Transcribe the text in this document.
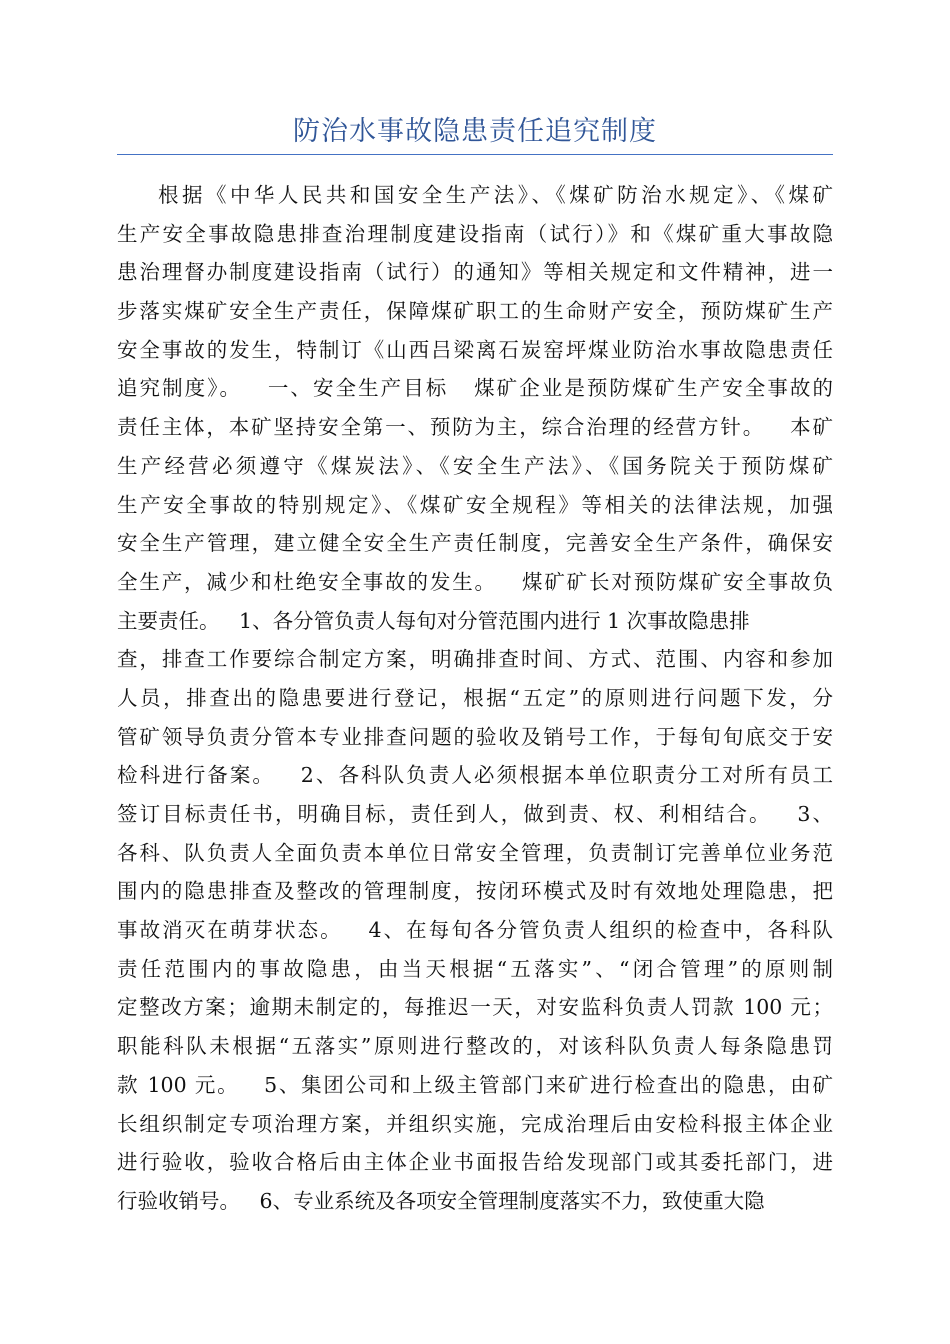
防治水事故隐患责任追究制度
根据《中华人民共和国安全生产法》、《煤矿防治水规定》、《煤矿
生产安全事故隐患排查治理制度建设指南（试行）》和《煤矿重大事故隐
患治理督办制度建设指南（试行）的通知》等相关规定和文件精神，进一
步落实煤矿安全生产责任，保障煤矿职工的生命财产安全，预防煤矿生产
安全事故的发生，特制订《山西吕梁离石炭窑坪煤业防治水事故隐患责任
追究制度》。   一、安全生产目标   煤矿企业是预防煤矿生产安全事故的
责任主体，本矿坚持安全第一、预防为主，综合治理的经营方针。   本矿
生产经营必须遵守《煤炭法》、《安全生产法》、《国务院关于预防煤矿
生产安全事故的特别规定》、《煤矿安全规程》等相关的法律法规，加强
安全生产管理，建立健全安全生产责任制度，完善安全生产条件，确保安
全生产，减少和杜绝安全事故的发生。   煤矿矿长对预防煤矿安全事故负
主要责任。   1、各分管负责人每旬对分管范围内进行 1 次事故隐患排
查，排查工作要综合制定方案，明确排查时间、方式、范围、内容和参加
人员，排查出的隐患要进行登记，根据“五定”的原则进行问题下发，分
管矿领导负责分管本专业排查问题的验收及销号工作，于每旬旬底交于安
检科进行备案。   2、各科队负责人必须根据本单位职责分工对所有员工
签订目标责任书，明确目标，责任到人，做到责、权、利相结合。   3、
各科、队负责人全面负责本单位日常安全管理，负责制订完善单位业务范
围内的隐患排查及整改的管理制度，按闭环模式及时有效地处理隐患，把
事故消灭在萌芽状态。   4、在每旬各分管负责人组织的检查中，各科队
责任范围内的事故隐患，由当天根据“五落实”、“闭合管理”的原则制
定整改方案；逾期未制定的，每推迟一天，对安监科负责人罚款 100 元；
职能科队未根据“五落实”原则进行整改的，对该科队负责人每条隐患罚
款 100 元。   5、集团公司和上级主管部门来矿进行检查出的隐患，由矿
长组织制定专项治理方案，并组织实施，完成治理后由安检科报主体企业
进行验收，验收合格后由主体企业书面报告给发现部门或其委托部门，进
行验收销号。   6、专业系统及各项安全管理制度落实不力，致使重大隐
